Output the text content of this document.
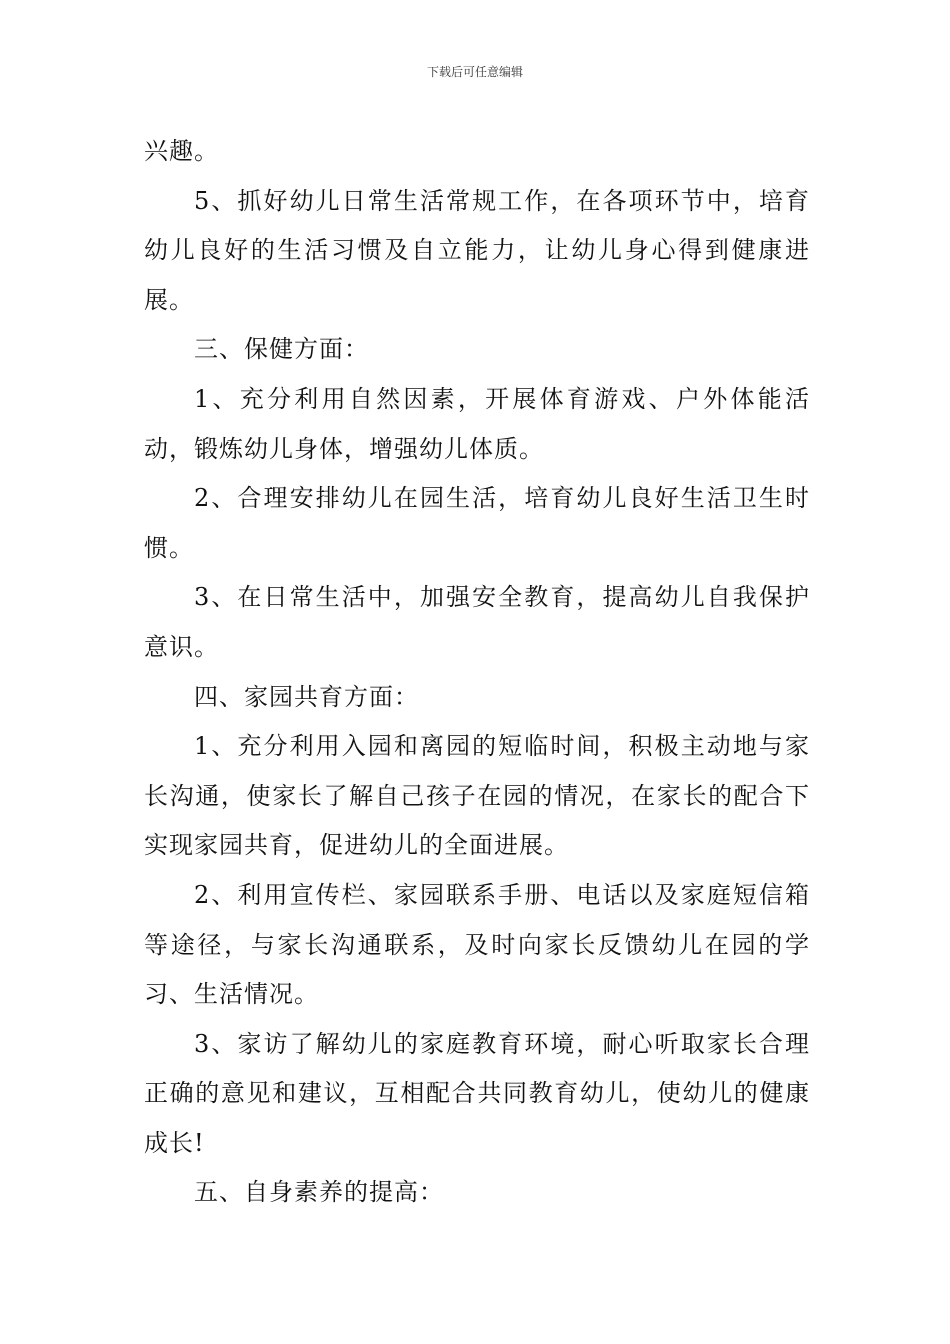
下载后可任意编辑

兴趣。

5、抓好幼儿日常生活常规工作，在各项环节中，培育幼儿良好的生活习惯及自立能力，让幼儿身心得到健康进展。

三、保健方面：

1、充分利用自然因素，开展体育游戏、户外体能活动，锻炼幼儿身体，增强幼儿体质。

2、合理安排幼儿在园生活，培育幼儿良好生活卫生时惯。

3、在日常生活中，加强安全教育，提高幼儿自我保护意识。

四、家园共育方面：

1、充分利用入园和离园的短临时间，积极主动地与家长沟通，使家长了解自己孩子在园的情况，在家长的配合下实现家园共育，促进幼儿的全面进展。

2、利用宣传栏、家园联系手册、电话以及家庭短信箱等途径，与家长沟通联系，及时向家长反馈幼儿在园的学习、生活情况。

3、家访了解幼儿的家庭教育环境，耐心听取家长合理正确的意见和建议，互相配合共同教育幼儿，使幼儿的健康成长!

五、自身素养的提高：
